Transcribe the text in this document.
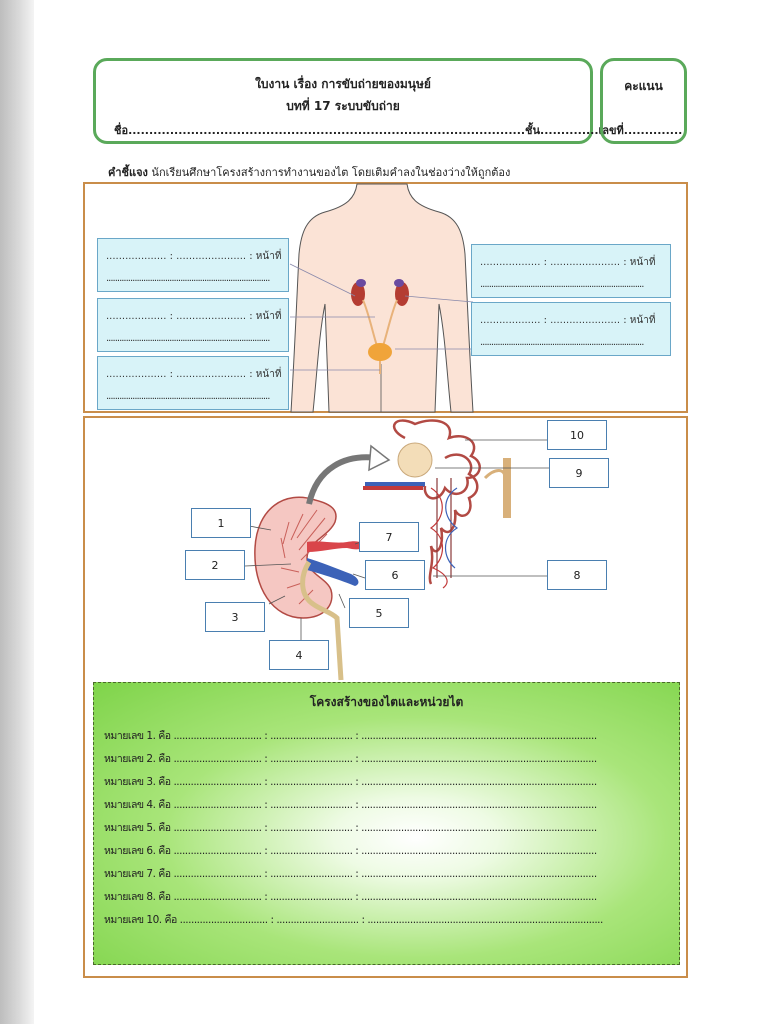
ใบงาน เรื่อง การขับถ่ายของมนุษย์
บทที่ 17 ระบบขับถ่าย
ชื่อ...............................................................................................ชั้น..............เลขที่..............
คะแนน
คำชี้แจง นักเรียนศึกษาโครงสร้างการทำงานของไต โดยเติมคำลงในช่องว่างให้ถูกต้อง
................... : ...................... : หน้าที่
...........................................................................
................... : ...................... : หน้าที่
...........................................................................
................... : ...................... : หน้าที่
...........................................................................
................... : ...................... : หน้าที่
...........................................................................
................... : ...................... : หน้าที่
...........................................................................
1
2
3
4
5
6
7
8
9
10
โครงสร้างของไตและหน่วยไต
หมายเลข 1. คือ ............................... : ............................. : ...................................................................................
หมายเลข 2. คือ ............................... : ............................. : ...................................................................................
หมายเลข 3. คือ ............................... : ............................. : ...................................................................................
หมายเลข 4. คือ ............................... : ............................. : ...................................................................................
หมายเลข 5. คือ ............................... : ............................. : ...................................................................................
หมายเลข 6. คือ ............................... : ............................. : ...................................................................................
หมายเลข 7. คือ ............................... : ............................. : ...................................................................................
หมายเลข 8. คือ ............................... : ............................. : ...................................................................................
หมายเลข 10. คือ ............................... : ............................. : ...................................................................................
